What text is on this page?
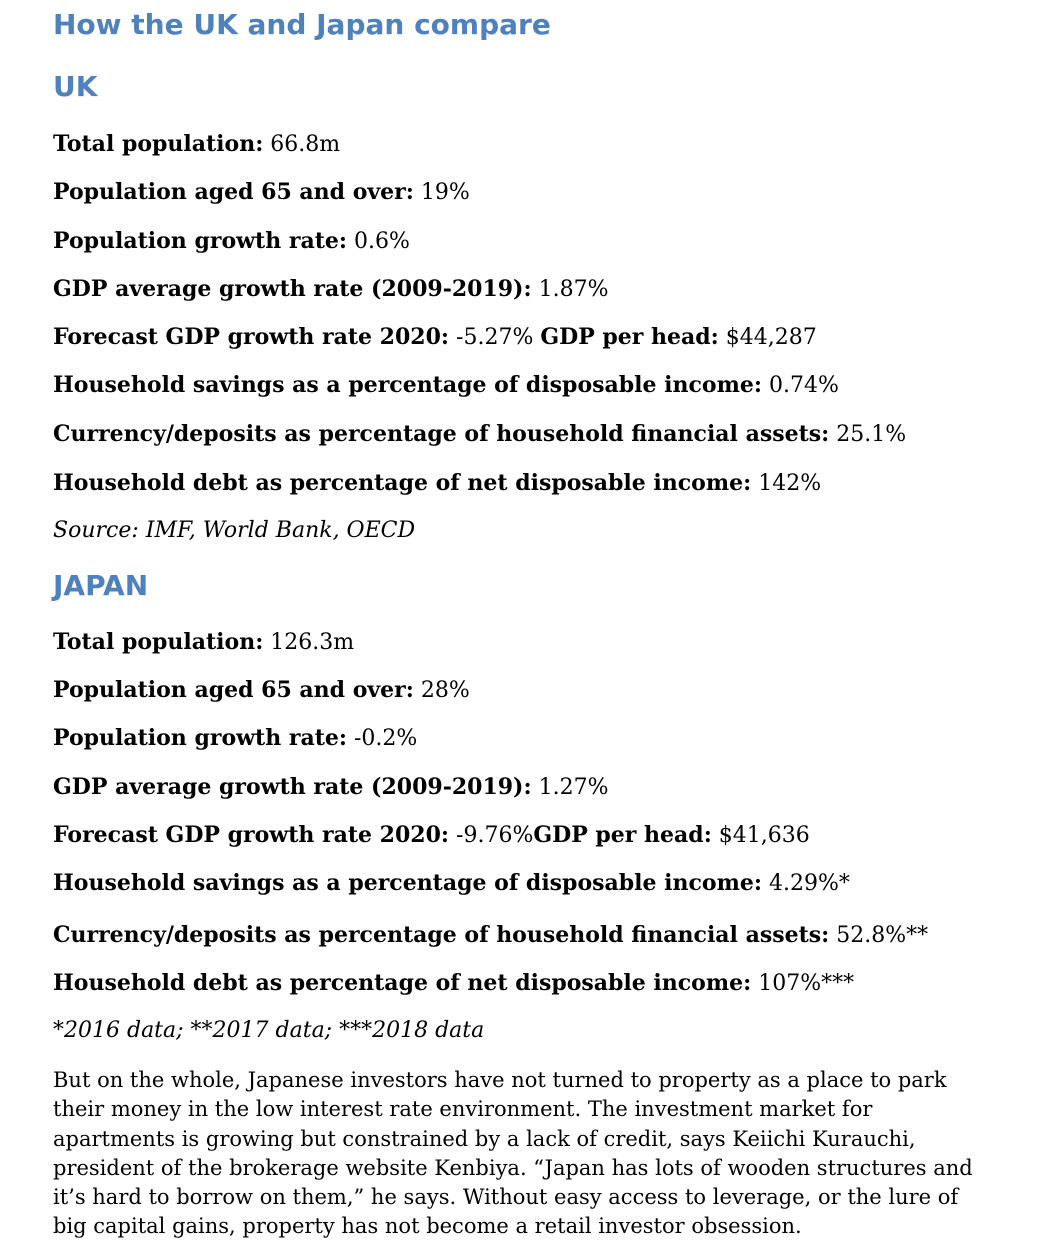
How the UK and Japan compare
UK

Total population: 66.8m

Population aged 65 and over: 19%

Population growth rate: 0.6%

GDP average growth rate (2009-2019): 1.87%

Forecast GDP growth rate 2020: -5.27% GDP per head: $44,287

Household savings as a percentage of disposable income: 0.74%

Currency/deposits as percentage of household financial assets: 25.1%

Household debt as percentage of net disposable income: 142%

Source: IMF, World Bank, OECD

JAPAN

Total population: 126.3m

Population aged 65 and over: 28%

Population growth rate: -0.2%

GDP average growth rate (2009-2019): 1.27%

Forecast GDP growth rate 2020: -9.76%GDP per head: $41,636

Household savings as a percentage of disposable income: 4.29%*

Currency/deposits as percentage of household financial assets: 52.8%**

Household debt as percentage of net disposable income: 107%***

*2016 data; **2017 data; ***2018 data

But on the whole, Japanese investors have not turned to property as a place to park
their money in the low interest rate environment. The investment market for
apartments is growing but constrained by a lack of credit, says Keiichi Kurauchi,
president of the brokerage website Kenbiya. “Japan has lots of wooden structures and
it’s hard to borrow on them,” he says. Without easy access to leverage, or the lure of
big capital gains, property has not become a retail investor obsession.
